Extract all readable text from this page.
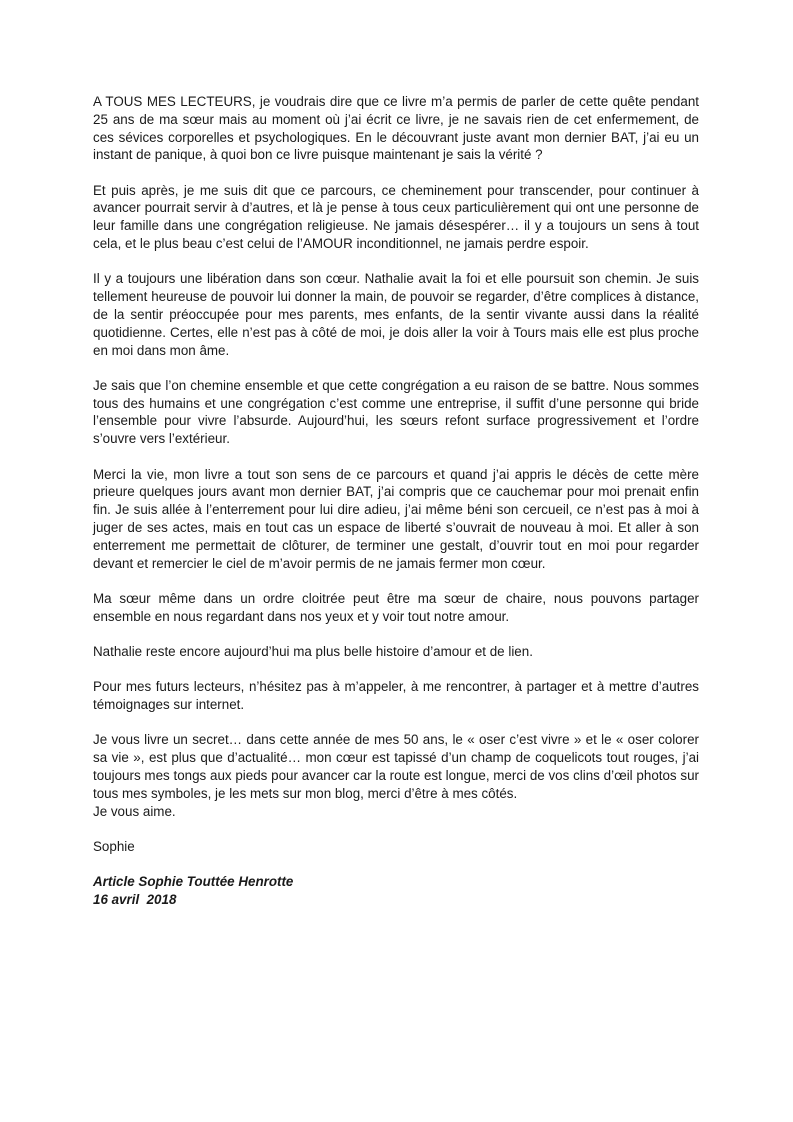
A TOUS MES LECTEURS, je voudrais dire que ce livre m’a permis de parler de cette quête pendant 25 ans de ma sœur mais au moment où j’ai écrit ce livre, je ne savais rien de cet enfermement, de ces sévices corporelles et psychologiques. En le découvrant juste avant mon dernier BAT, j’ai eu un instant de panique, à quoi bon ce livre puisque maintenant je sais la vérité ?

Et puis après, je me suis dit que ce parcours, ce cheminement pour transcender, pour continuer à avancer pourrait servir à d’autres, et là je pense à tous ceux particulièrement qui ont une personne de leur famille dans une congrégation religieuse. Ne jamais désespérer… il y a toujours un sens à tout cela, et le plus beau c’est celui de l’AMOUR inconditionnel, ne jamais perdre espoir.

Il y a toujours une libération dans son cœur. Nathalie avait la foi et elle poursuit son chemin. Je suis tellement heureuse de pouvoir lui donner la main, de pouvoir se regarder, d’être complices à distance, de la sentir préoccupée pour mes parents, mes enfants, de la sentir vivante aussi dans la réalité quotidienne. Certes, elle n’est pas à côté de moi, je dois aller la voir à Tours mais elle est plus proche en moi dans mon âme.

Je sais que l’on chemine ensemble et que cette congrégation a eu raison de se battre. Nous sommes tous des humains et une congrégation c’est comme une entreprise, il suffit d’une personne qui bride l’ensemble pour vivre l’absurde. Aujourd’hui, les sœurs refont surface progressivement et l’ordre s’ouvre vers l’extérieur.

Merci la vie, mon livre a tout son sens de ce parcours et quand j’ai appris le décès de cette mère prieure quelques jours avant mon dernier BAT, j’ai compris que ce cauchemar pour moi prenait enfin fin. Je suis allée à l’enterrement pour lui dire adieu, j’ai même béni son cercueil, ce n’est pas à moi à juger de ses actes, mais en tout cas un espace de liberté s’ouvrait de nouveau à moi. Et aller à son enterrement me permettait de clôturer, de terminer une gestalt, d’ouvrir tout en moi pour regarder devant et remercier le ciel de m’avoir permis de ne jamais fermer mon cœur.

Ma sœur même dans un ordre cloitrée peut être ma sœur de chaire, nous pouvons partager ensemble en nous regardant dans nos yeux et y voir tout notre amour.

Nathalie reste encore aujourd’hui ma plus belle histoire d’amour et de lien.

Pour mes futurs lecteurs, n’hésitez pas à m’appeler, à me rencontrer, à partager et à mettre d’autres témoignages sur internet.

Je vous livre un secret… dans cette année de mes 50 ans, le « oser c’est vivre » et le « oser colorer sa vie », est plus que d’actualité… mon cœur est tapissé d’un champ de coquelicots tout rouges, j’ai toujours mes tongs aux pieds pour avancer car la route est longue, merci de vos clins d’œil photos sur tous mes symboles, je les mets sur mon blog, merci d’être à mes côtés.

Je vous aime.

Sophie
Article Sophie Touttée Henrotte
16 avril  2018
